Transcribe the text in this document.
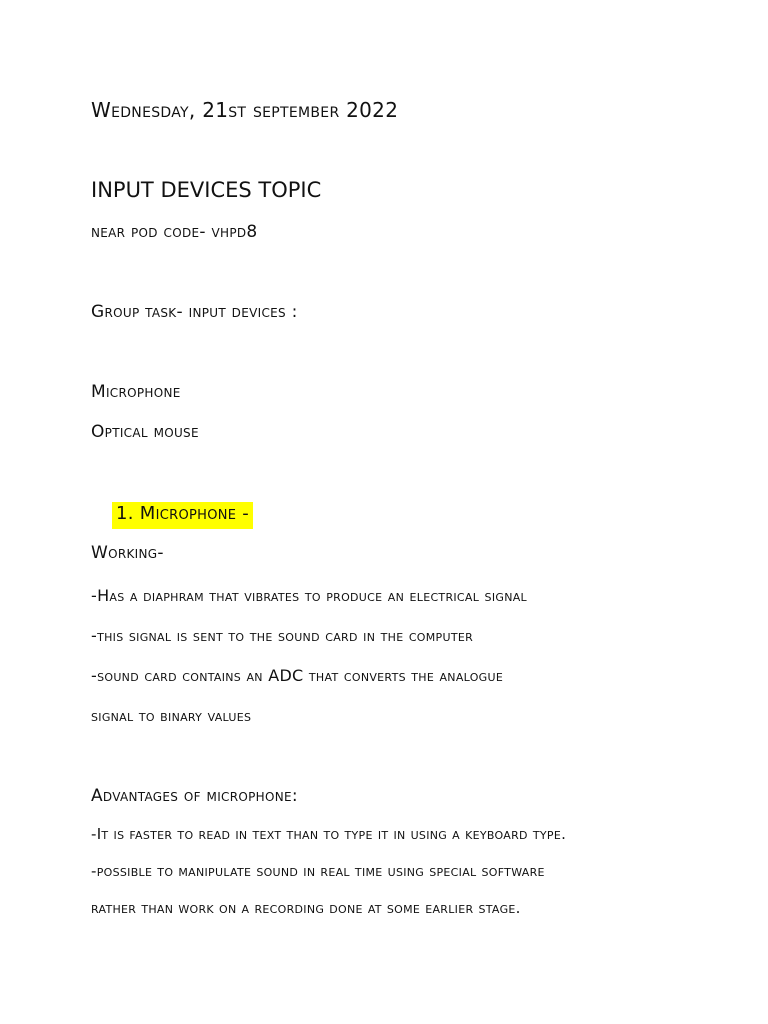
Wednesday, 21st september 2022
INPUT DEVICES TOPIC
near pod code- vhpd8
Group task- input devices :
Microphone
Optical mouse
1. Microphone -
Working-
-Has a diaphram that vibrates to produce an electrical signal
-this signal is sent to the sound card in the computer
-sound card contains an ADC that converts the analogue
signal to binary values
Advantages of microphone:
-It is faster to read in text than to type it in using a keyboard type.
-possible to manipulate sound in real time using special software
rather than work on a recording done at some earlier stage.
